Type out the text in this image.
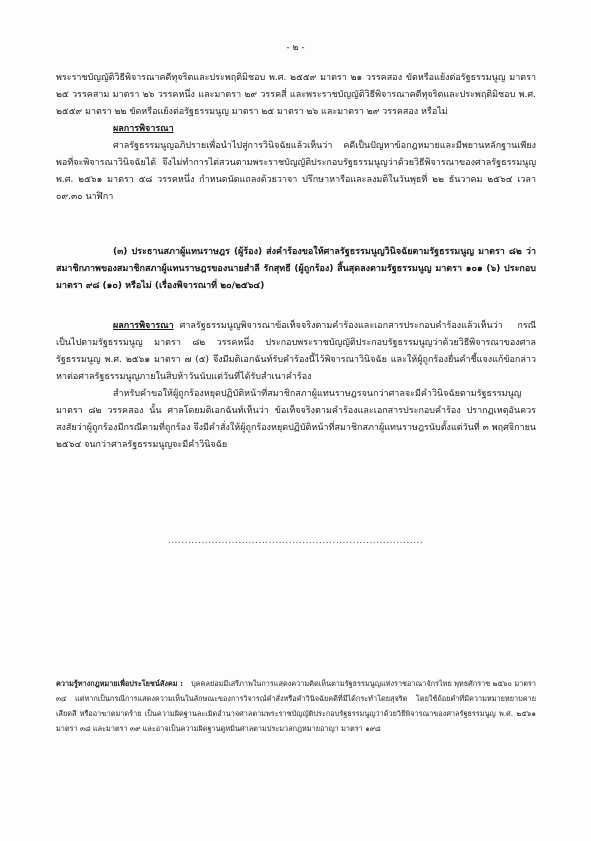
- ๒ -

พระราชบัญญัติวิธีพิจารณาคดีทุจริตและประพฤติมิชอบ พ.ศ. ๒๕๕๙ มาตรา ๒๑ วรรคสอง ขัดหรือแย้งต่อรัฐธรรมนูญ มาตรา ๒๕ วรรคสาม มาตรา ๒๖ วรรคหนึ่ง และมาตรา ๒๙ วรรคสี่ และพระราชบัญญัติวิธีพิจารณาคดีทุจริตและประพฤติมิชอบ พ.ศ. ๒๕๕๙ มาตรา ๒๒ ขัดหรือแย้งต่อรัฐธรรมนูญ มาตรา ๒๕ มาตรา ๒๖ และมาตรา ๒๙ วรรคสอง หรือไม่

ผลการพิจารณา

ศาลรัฐธรรมนูญอภิปรายเพื่อนำไปสู่การวินิจฉัยแล้วเห็นว่า คดีเป็นปัญหาข้อกฎหมายและมีพยานหลักฐานเพียงพอที่จะพิจารณาวินิจฉัยได้ จึงไม่ทำการไต่สวนตามพระราชบัญญัติประกอบรัฐธรรมนูญว่าด้วยวิธีพิจารณาของศาลรัฐธรรมนูญ พ.ศ. ๒๕๖๑ มาตรา ๕๘ วรรคหนึ่ง กำหนดนัดแถลงด้วยวาจา ปรึกษาหารือและลงมติในวันพุธที่ ๒๒ ธันวาคม ๒๕๖๔ เวลา ๐๙.๓๐ นาฬิกา

(๓) ประธานสภาผู้แทนราษฎร (ผู้ร้อง) ส่งคำร้องขอให้ศาลรัฐธรรมนูญวินิจฉัยตามรัฐธรรมนูญ มาตรา ๘๒ ว่า สมาชิกภาพของสมาชิกสภาผู้แทนราษฎรของนายสำลี รักสุทธี (ผู้ถูกร้อง) สิ้นสุดลงตามรัฐธรรมนูญ มาตรา ๑๐๑ (๖) ประกอบมาตรา ๙๘ (๑๐) หรือไม่ (เรื่องพิจารณาที่ ๒๐/๒๕๖๔)

ผลการพิจารณา ศาลรัฐธรรมนูญพิจารณาข้อเท็จจริงตามคำร้องและเอกสารประกอบคำร้องแล้วเห็นว่า กรณีเป็นไปตามรัฐธรรมนูญ มาตรา ๘๒ วรรคหนึ่ง ประกอบพระราชบัญญัติประกอบรัฐธรรมนูญว่าด้วยวิธีพิจารณาของศาลรัฐธรรมนูญ พ.ศ. ๒๕๖๑ มาตรา ๗ (๕) จึงมีมติเอกฉันท์รับคำร้องนี้ไว้พิจารณาวินิจฉัย และให้ผู้ถูกร้องยื่นคำชี้แจงแก้ข้อกล่าวหาต่อศาลรัฐธรรมนูญภายในสิบห้าวันนับแต่วันที่ได้รับสำเนาคำร้อง

สำหรับคำขอให้ผู้ถูกร้องหยุดปฏิบัติหน้าที่สมาชิกสภาผู้แทนราษฎรจนกว่าศาลจะมีคำวินิจฉัยตามรัฐธรรมนูญ มาตรา ๘๒ วรรคสอง นั้น ศาลโดยมติเอกฉันท์เห็นว่า ข้อเท็จจริงตามคำร้องและเอกสารประกอบคำร้อง ปรากฏเหตุอันควรสงสัยว่าผู้ถูกร้องมีกรณีตามที่ถูกร้อง จึงมีคำสั่งให้ผู้ถูกร้องหยุดปฏิบัติหน้าที่สมาชิกสภาผู้แทนราษฎรนับตั้งแต่วันที่ ๓ พฤศจิกายน ๒๕๖๔ จนกว่าศาลรัฐธรรมนูญจะมีคำวินิจฉัย

............................................................................

ความรู้ทางกฎหมายเพื่อประโยชน์สังคม : บุคคลย่อมมีเสรีภาพในการแสดงความคิดเห็นตามรัฐธรรมนูญแห่งราชอาณาจักรไทย พุทธศักราช ๒๕๖๐ มาตรา ๓๔ แต่หากเป็นกรณีการแสดงความเห็นในลักษณะของการวิจารณ์คำสั่งหรือคำวินิจฉัยคดีที่มีได้กระทำโดยสุจริต โดยใช้ถ้อยคำที่มีความหมายหยาบคาย เสียดสี หรืออาฆาตมาดร้าย เป็นความผิดฐานละเมิดอำนาจศาลตามพระราชบัญญัติประกอบรัฐธรรมนูญว่าด้วยวิธีพิจารณาของศาลรัฐธรรมนูญ พ.ศ. ๒๕๖๑ มาตรา ๓๘ และมาตรา ๓๙ และอาจเป็นความผิดฐานดูหมิ่นศาลตามประมวลกฎหมายอาญา มาตรา ๑๙๘
